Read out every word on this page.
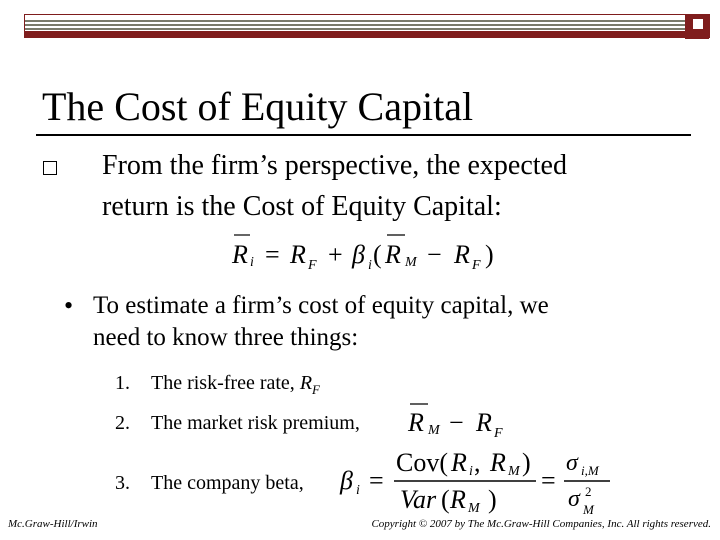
The Cost of Equity Capital
From the firm’s perspective, the expected
return is the Cost of Equity Capital:
R i = R F + β i ( R M − R F )
• To estimate a firm’s cost of equity capital, we
need to know three things:
1. The risk-free rate, $R_F$
2. The market risk premium, R M − R F
3. The company beta, β i =
Cov( R i , R M )
Var ( R M )
=
σ i,M
σ 2
M
Mc.Graw-Hill/Irwin	Copyright © 2007 by The Mc.Graw-Hill Companies, Inc. All rights reserved.
